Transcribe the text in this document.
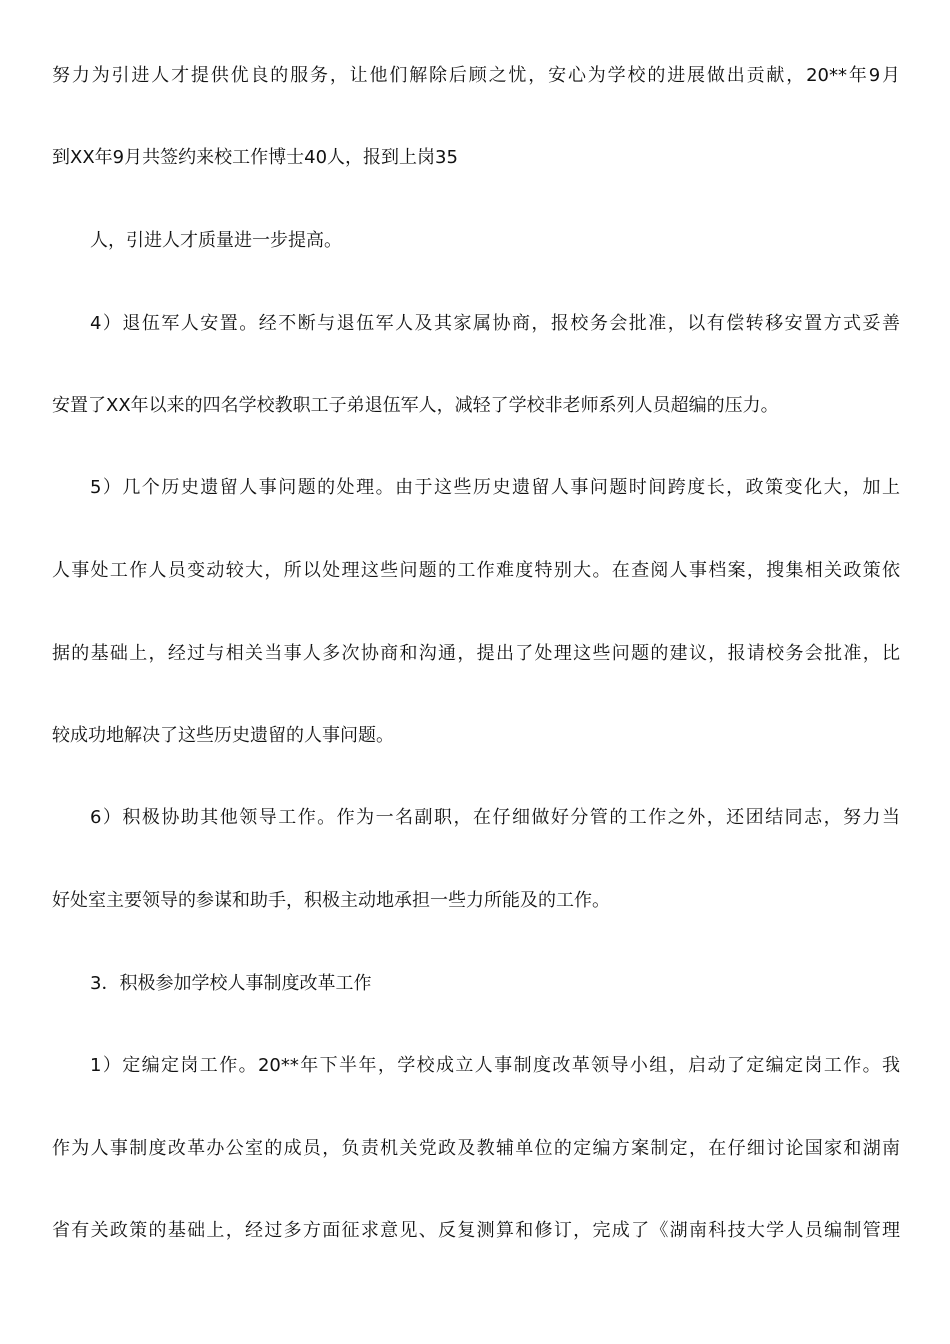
努力为引进人才提供优良的服务，让他们解除后顾之忧，安心为学校的进展做出贡献，20**年9月
到XX年9月共签约来校工作博士40人，报到上岗35
人，引进人才质量进一步提高。
4）退伍军人安置。经不断与退伍军人及其家属协商，报校务会批准，以有偿转移安置方式妥善
安置了XX年以来的四名学校教职工子弟退伍军人，减轻了学校非老师系列人员超编的压力。
5）几个历史遗留人事问题的处理。由于这些历史遗留人事问题时间跨度长，政策变化大，加上
人事处工作人员变动较大，所以处理这些问题的工作难度特别大。在查阅人事档案，搜集相关政策依
据的基础上，经过与相关当事人多次协商和沟通，提出了处理这些问题的建议，报请校务会批准，比
较成功地解决了这些历史遗留的人事问题。
6）积极协助其他领导工作。作为一名副职，在仔细做好分管的工作之外，还团结同志，努力当
好处室主要领导的参谋和助手，积极主动地承担一些力所能及的工作。
3．积极参加学校人事制度改革工作
1）定编定岗工作。20**年下半年，学校成立人事制度改革领导小组，启动了定编定岗工作。我
作为人事制度改革办公室的成员，负责机关党政及教辅单位的定编方案制定，在仔细讨论国家和湖南
省有关政策的基础上，经过多方面征求意见、反复测算和修订，完成了《湖南科技大学人员编制管理
